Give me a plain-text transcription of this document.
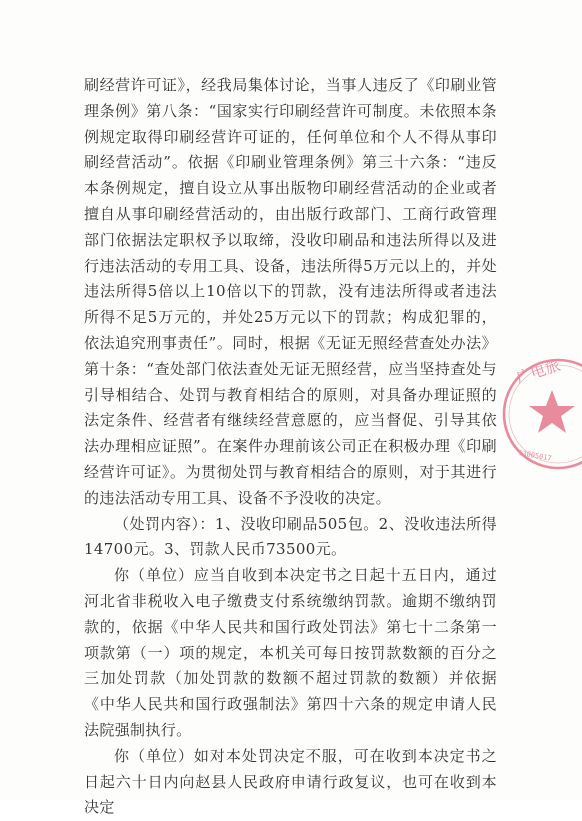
刷经营许可证》，经我局集体讨论，当事人违反了《印刷业管理条例》第八条：“国家实行印刷经营许可制度。未依照本条例规定取得印刷经营许可证的，任何单位和个人不得从事印刷经营活动”。依据《印刷业管理条例》第三十六条：“违反本条例规定，擅自设立从事出版物印刷经营活动的企业或者擅自从事印刷经营活动的，由出版行政部门、工商行政管理部门依据法定职权予以取缔，没收印刷品和违法所得以及进行违法活动的专用工具、设备，违法所得5万元以上的，并处违法所得5倍以上10倍以下的罚款，没有违法所得或者违法所得不足5万元的，并处25万元以下的罚款；构成犯罪的，依法追究刑事责任”。同时，根据《无证无照经营查处办法》第十条：“查处部门依法查处无证无照经营，应当坚持查处与引导相结合、处罚与教育相结合的原则，对具备办理证照的法定条件、经营者有继续经营意愿的，应当督促、引导其依法办理相应证照”。在案件办理前该公司正在积极办理《印刷经营许可证》。为贯彻处罚与教育相结合的原则，对于其进行的违法活动专用工具、设备不予没收的决定。

（处罚内容）：1、没收印刷品505包。2、没收违法所得14700元。3、罚款人民币73500元。

你（单位）应当自收到本决定书之日起十五日内，通过河北省非税收入电子缴费支付系统缴纳罚款。逾期不缴纳罚款的，依据《中华人民共和国行政处罚法》第七十二条第一项款第（一）项的规定，本机关可每日按罚款数额的百分之三加处罚款（加处罚款的数额不超过罚款的数额）并依据《中华人民共和国行政强制法》第四十六条的规定申请人民法院强制执行。

你（单位）如对本处罚决定不服，可在收到本决定书之日起六十日内向赵县人民政府申请行政复议，也可在收到本决定

广电旅
13005017
